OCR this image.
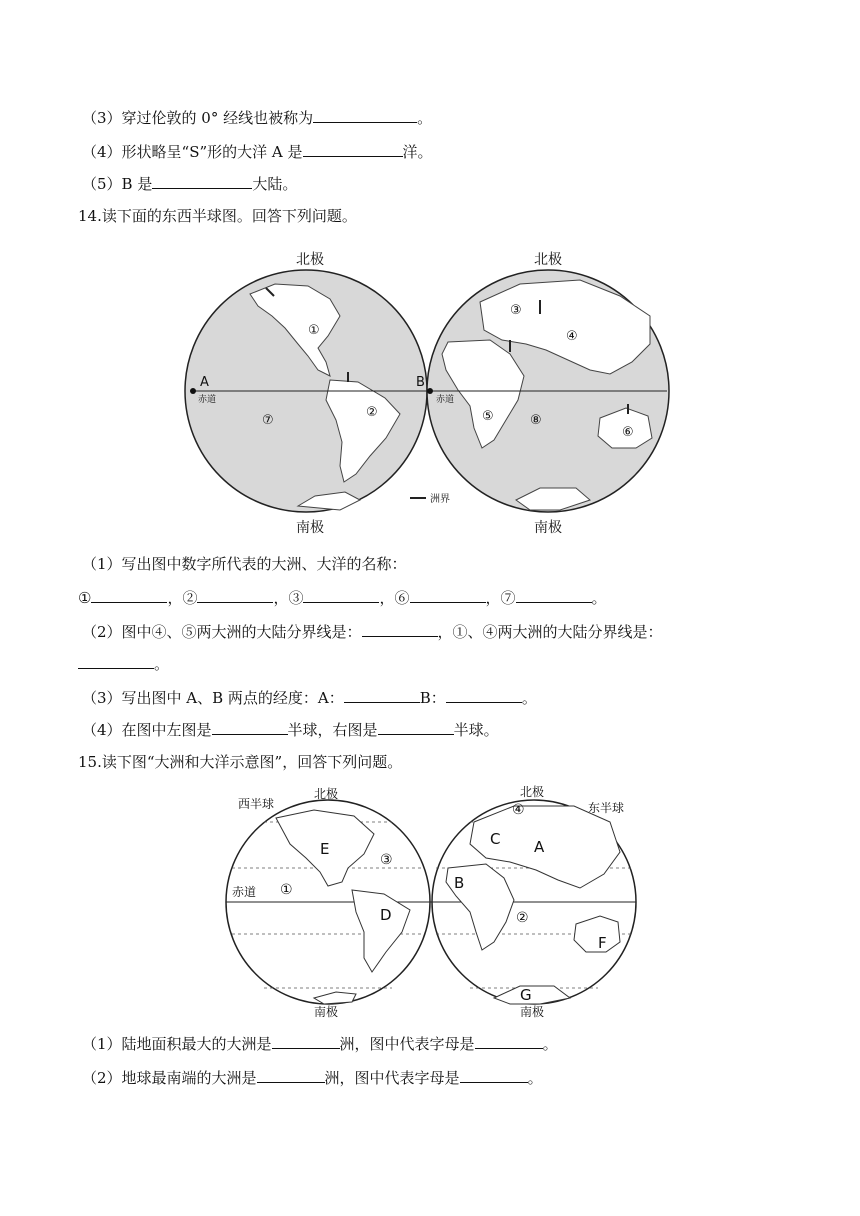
（3）穿过伦敦的 0° 经线也被称为	。
（4）形状略呈“S”形的大洋 A 是	洋。
（5）B 是	大陆。
14.读下面的东西半球图。回答下列问题。
洲界
北极	北极
南极	南极
A	B
赤道	赤道
①
②
⑦
③
④
⑤	⑧
⑥
（1）写出图中数字所代表的大洲、大洋的名称：
①	，②	，③	，⑥	，⑦	。
（2）图中④、⑤两大洲的大陆分界线是：	，①、④两大洲的大陆分界线是：
。
（3）写出图中 A、B 两点的经度：A：	B：	。
（4）在图中左图是	半球，右图是	半球。
15.读下图“大洲和大洋示意图”，回答下列问题。
西半球	东半球
北极	北极
南极	南极
赤道
E
D
C A
B
F
G
①
②
③
④
（1）陆地面积最大的大洲是	洲，图中代表字母是	。
（2）地球最南端的大洲是	洲，图中代表字母是	。
